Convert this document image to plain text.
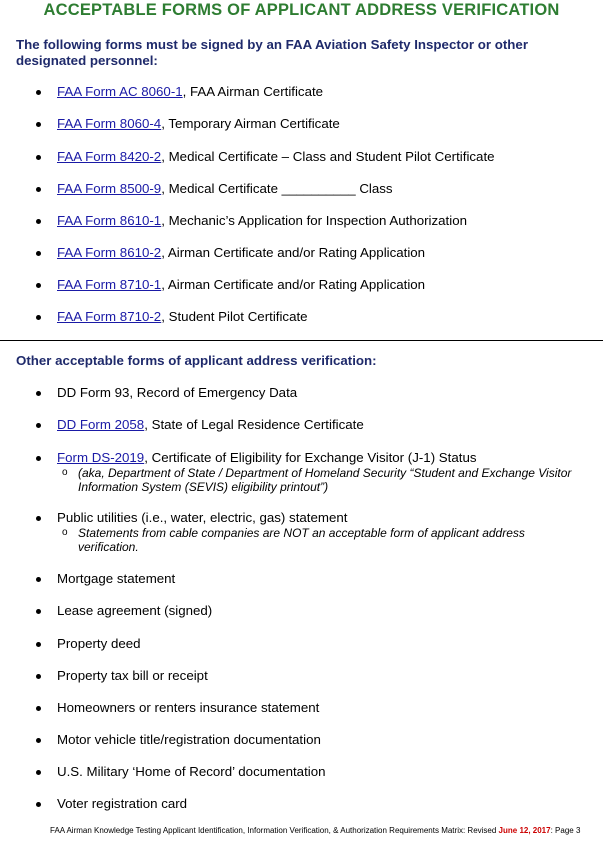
ACCEPTABLE FORMS OF APPLICANT ADDRESS VERIFICATION
The following forms must be signed by an FAA Aviation Safety Inspector or other designated personnel:
FAA Form AC 8060-1, FAA Airman Certificate
FAA Form 8060-4, Temporary Airman Certificate
FAA Form 8420-2, Medical Certificate – Class and Student Pilot Certificate
FAA Form 8500-9, Medical Certificate __________ Class
FAA Form 8610-1, Mechanic’s Application for Inspection Authorization
FAA Form 8610-2, Airman Certificate and/or Rating Application
FAA Form 8710-1, Airman Certificate and/or Rating Application
FAA Form 8710-2, Student Pilot Certificate
Other acceptable forms of applicant address verification:
DD Form 93, Record of Emergency Data
DD Form 2058, State of Legal Residence Certificate
Form DS-2019, Certificate of Eligibility for Exchange Visitor (J-1) Status
o (aka, Department of State / Department of Homeland Security “Student and Exchange Visitor Information System (SEVIS) eligibility printout”)
Public utilities (i.e., water, electric, gas) statement
o Statements from cable companies are NOT an acceptable form of applicant address verification.
Mortgage statement
Lease agreement (signed)
Property deed
Property tax bill or receipt
Homeowners or renters insurance statement
Motor vehicle title/registration documentation
U.S. Military ‘Home of Record’ documentation
Voter registration card
FAA Airman Knowledge Testing Applicant Identification, Information Verification, & Authorization Requirements Matrix: Revised June 12, 2017: Page 3
